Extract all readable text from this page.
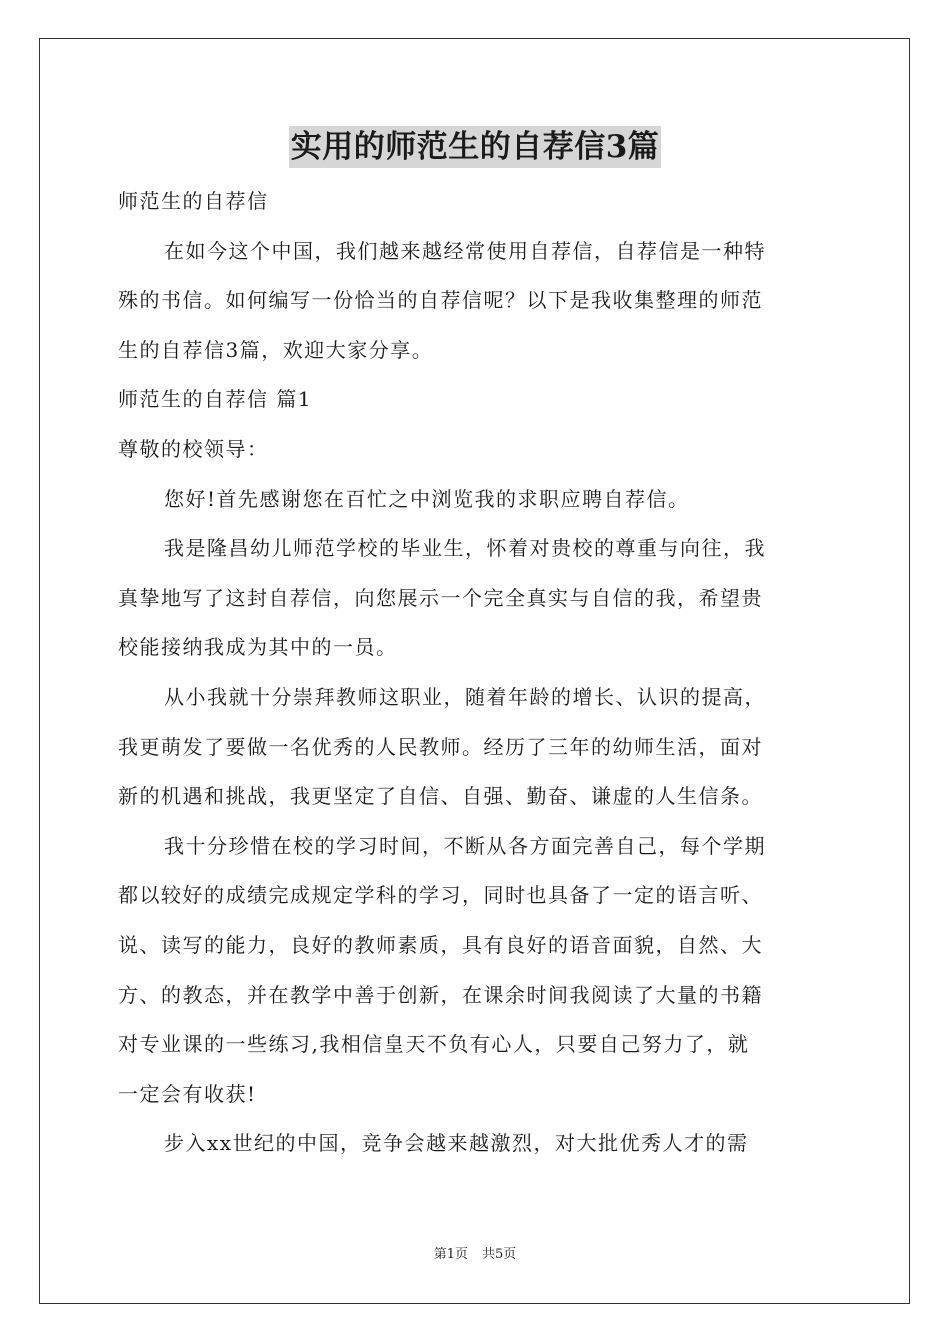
实用的师范生的自荐信3篇
师范生的自荐信
在如今这个中国，我们越来越经常使用自荐信，自荐信是一种特
殊的书信。如何编写一份恰当的自荐信呢？以下是我收集整理的师范
生的自荐信3篇，欢迎大家分享。
师范生的自荐信 篇1
尊敬的校领导：
您好!首先感谢您在百忙之中浏览我的求职应聘自荐信。
我是隆昌幼儿师范学校的毕业生，怀着对贵校的尊重与向往，我
真挚地写了这封自荐信，向您展示一个完全真实与自信的我，希望贵
校能接纳我成为其中的一员。
从小我就十分崇拜教师这职业，随着年龄的增长、认识的提高，
我更萌发了要做一名优秀的人民教师。经历了三年的幼师生活，面对
新的机遇和挑战，我更坚定了自信、自强、勤奋、谦虚的人生信条。
我十分珍惜在校的学习时间，不断从各方面完善自己，每个学期
都以较好的成绩完成规定学科的学习，同时也具备了一定的语言听、
说、读写的能力，良好的教师素质，具有良好的语音面貌，自然、大
方、的教态，并在教学中善于创新，在课余时间我阅读了大量的书籍
对专业课的一些练习,我相信皇天不负有心人，只要自己努力了，就
一定会有收获!
步入xx世纪的中国，竞争会越来越激烈，对大批优秀人才的需
第1页 共5页
